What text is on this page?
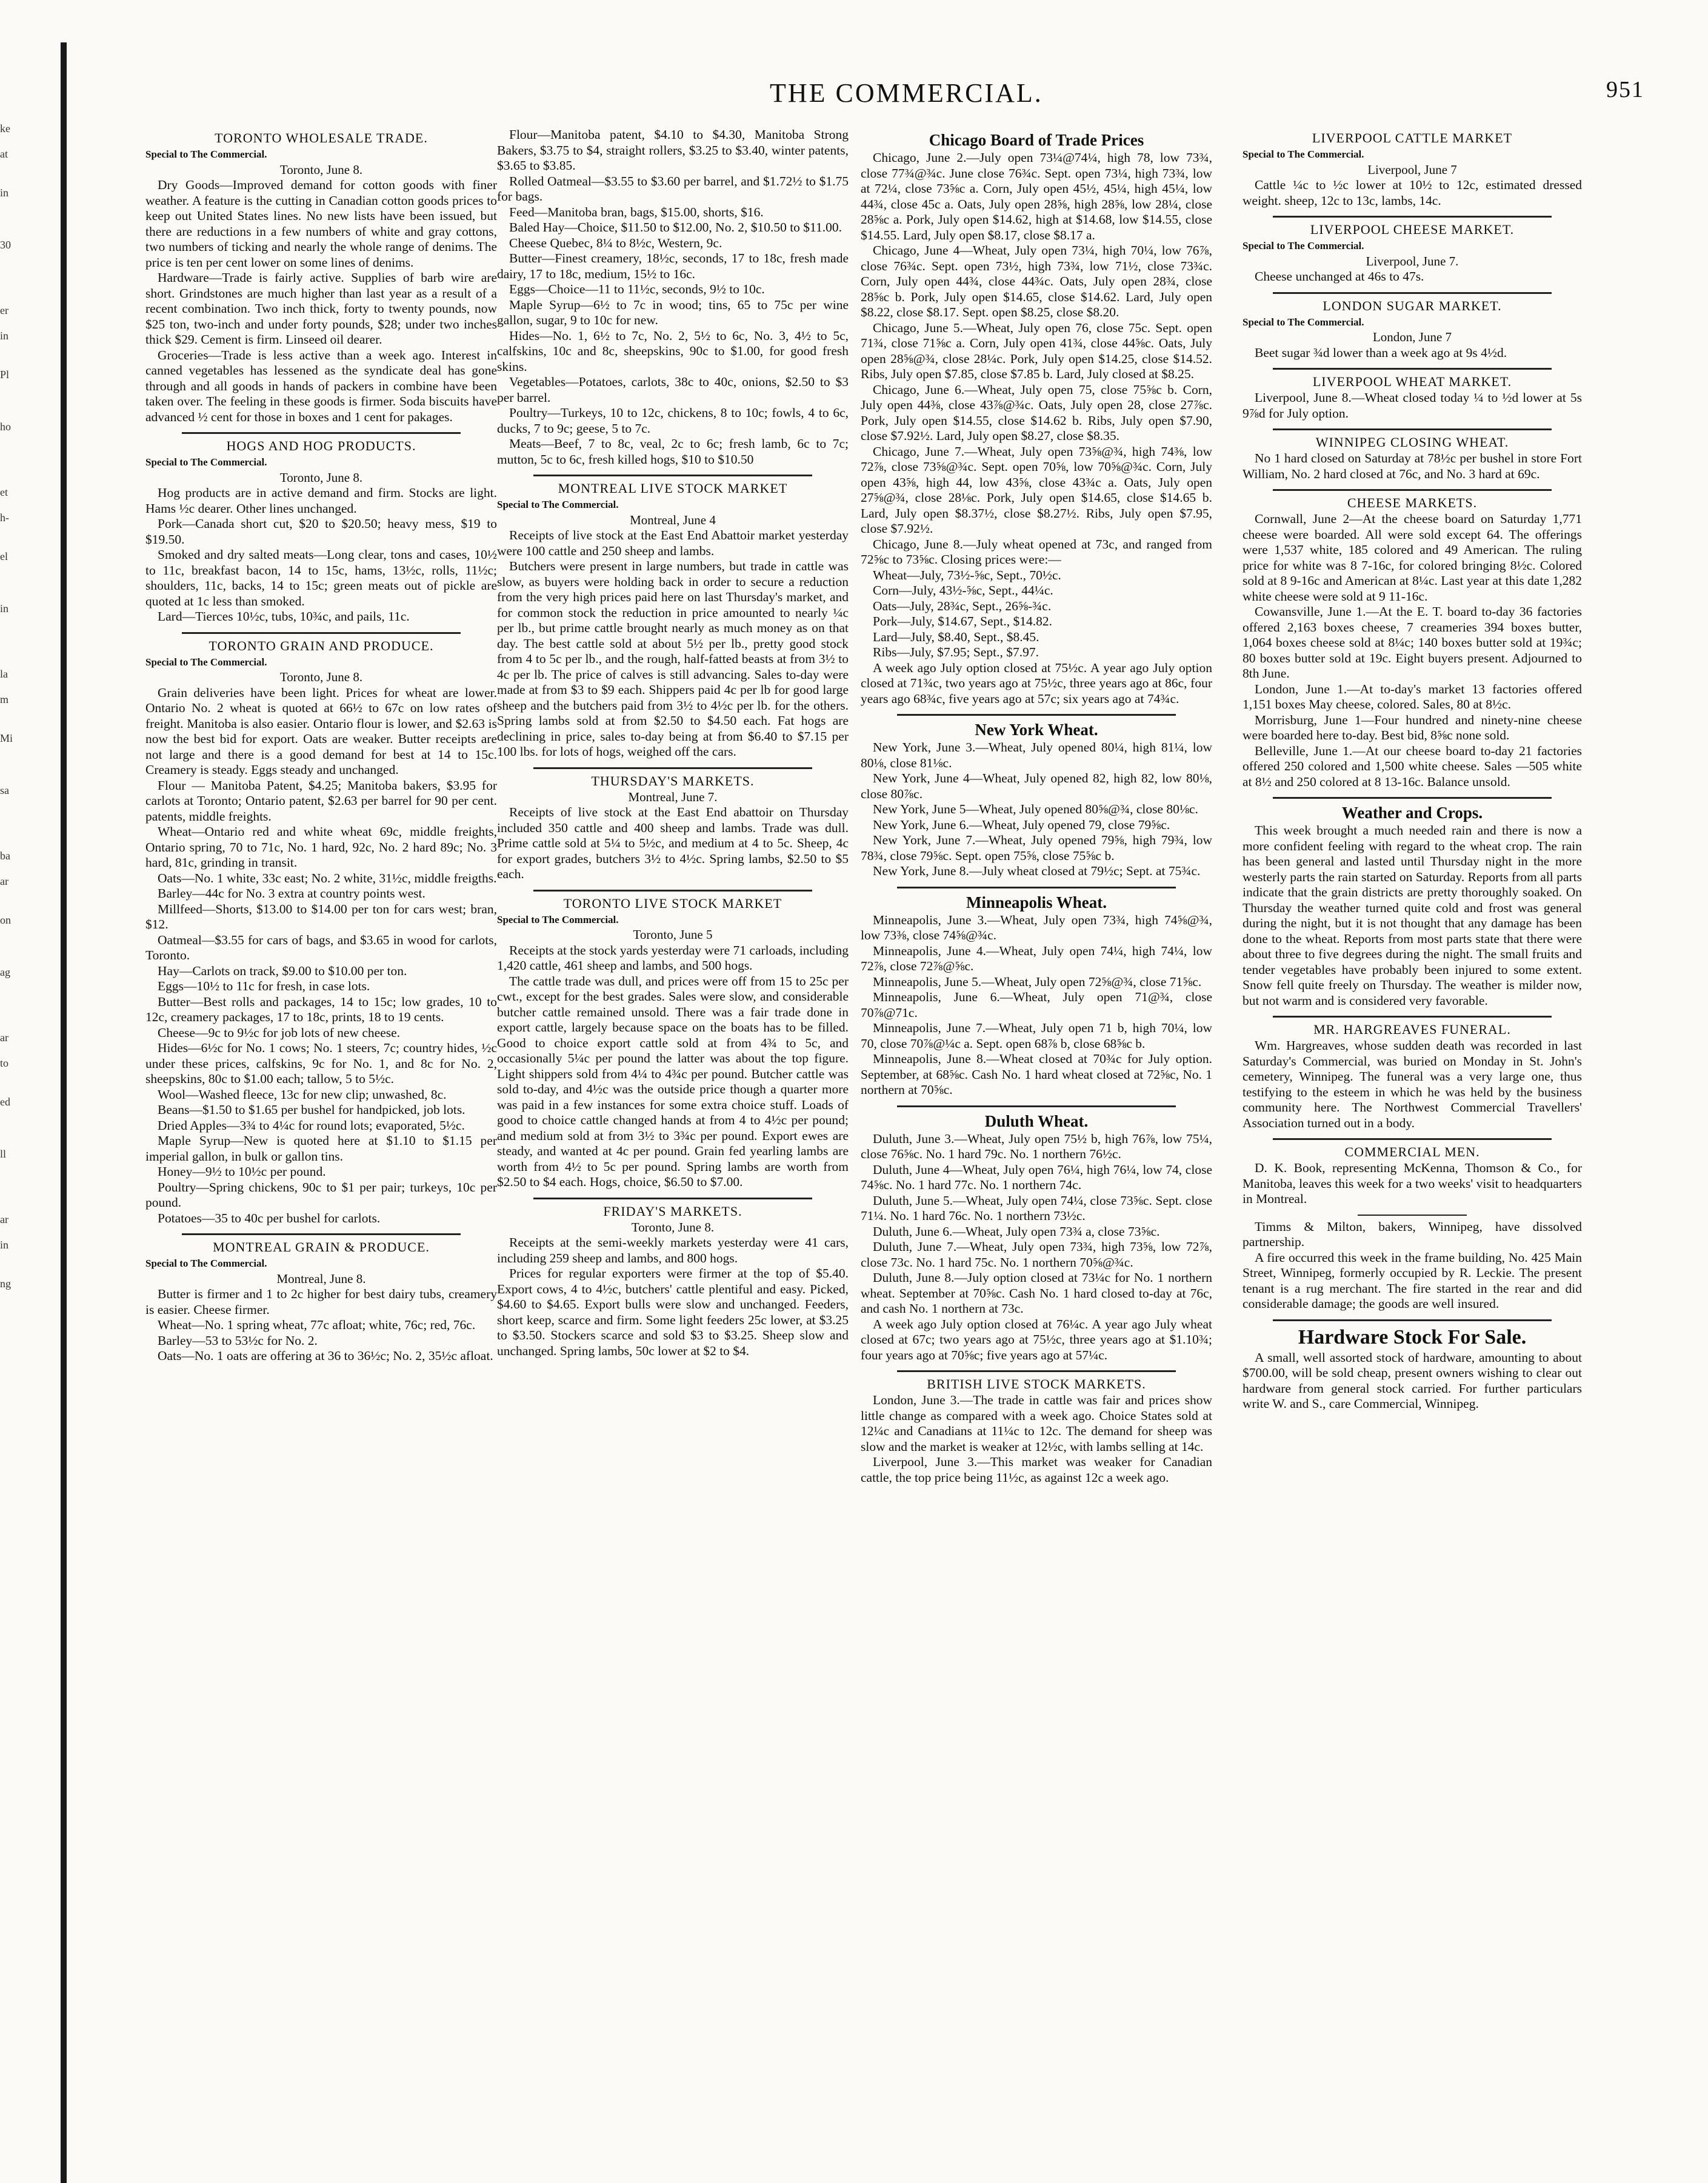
THE COMMERCIAL.	951
ke
at
in
30
er
in
Pl
ho
et
h-
el
in
la
m
Mi
sa
ba
ar
on
ag
ar
to
ed
ll
ar
in
ng
TORONTO WHOLESALE TRADE.
Special to The Commercial.
Toronto, June 8.

Dry Goods—Improved demand for cotton goods with finer weather. A feature is the cutting in Canadian cotton goods prices to keep out United States lines. No new lists have been issued, but there are reductions in a few numbers of white and gray cottons, two numbers of ticking and nearly the whole range of denims. The price is ten per cent lower on some lines of denims.

Hardware—Trade is fairly active. Supplies of barb wire are short. Grindstones are much higher than last year as a result of a recent combination. Two inch thick, forty to twenty pounds, now $25 ton, two-inch and under forty pounds, $28; under two inches thick $29. Cement is firm. Linseed oil dearer.

Groceries—Trade is less active than a week ago. Interest in canned vegetables has lessened as the syndicate deal has gone through and all goods in hands of packers in combine have been taken over. The feeling in these goods is firmer. Soda biscuits have advanced ½ cent for those in boxes and 1 cent for pakages.

HOGS AND HOG PRODUCTS.
Special to The Commercial.
Toronto, June 8.

Hog products are in active demand and firm. Stocks are light. Hams ½c dearer. Other lines unchanged.

Pork—Canada short cut, $20 to $20.50; heavy mess, $19 to $19.50.

Smoked and dry salted meats—Long clear, tons and cases, 10½ to 11c, breakfast bacon, 14 to 15c, hams, 13½c, rolls, 11½c; shoulders, 11c, backs, 14 to 15c; green meats out of pickle are quoted at 1c less than smoked.

Lard—Tierces 10½c, tubs, 10¾c, and pails, 11c.

TORONTO GRAIN AND PRODUCE.
Special to The Commercial.
Toronto, June 8.

Grain deliveries have been light. Prices for wheat are lower. Ontario No. 2 wheat is quoted at 66½ to 67c on low rates of freight. Manitoba is also easier. Ontario flour is lower, and $2.63 is now the best bid for export. Oats are weaker. Butter receipts are not large and there is a good demand for best at 14 to 15c. Creamery is steady. Eggs steady and unchanged.

Flour — Manitoba Patent, $4.25; Manitoba bakers, $3.95 for carlots at Toronto; Ontario patent, $2.63 per barrel for 90 per cent. patents, middle freights.

Wheat—Ontario red and white wheat 69c, middle freights, Ontario spring, 70 to 71c, No. 1 hard, 92c, No. 2 hard 89c; No. 3 hard, 81c, grinding in transit.

Oats—No. 1 white, 33c east; No. 2 white, 31½c, middle freigths.

Barley—44c for No. 3 extra at country points west.

Millfeed—Shorts, $13.00 to $14.00 per ton for cars west; bran, $12.

Oatmeal—$3.55 for cars of bags, and $3.65 in wood for carlots, Toronto.

Hay—Carlots on track, $9.00 to $10.00 per ton.

Eggs—10½ to 11c for fresh, in case lots.

Butter—Best rolls and packages, 14 to 15c; low grades, 10 to 12c, creamery packages, 17 to 18c, prints, 18 to 19 cents.

Cheese—9c to 9½c for job lots of new cheese.

Hides—6½c for No. 1 cows; No. 1 steers, 7c; country hides, ½c under these prices, calfskins, 9c for No. 1, and 8c for No. 2, sheepskins, 80c to $1.00 each; tallow, 5 to 5½c.

Wool—Washed fleece, 13c for new clip; unwashed, 8c.

Beans—$1.50 to $1.65 per bushel for handpicked, job lots.

Dried Apples—3¾ to 4¼c for round lots; evaporated, 5½c.

Maple Syrup—New is quoted here at $1.10 to $1.15 per imperial gallon, in bulk or gallon tins.

Honey—9½ to 10½c per pound.

Poultry—Spring chickens, 90c to $1 per pair; turkeys, 10c per pound.

Potatoes—35 to 40c per bushel for carlots.

MONTREAL GRAIN & PRODUCE.
Special to The Commercial.
Montreal, June 8.

Butter is firmer and 1 to 2c higher for best dairy tubs, creamery is easier. Cheese firmer.

Wheat—No. 1 spring wheat, 77c afloat; white, 76c; red, 76c.

Barley—53 to 53½c for No. 2.

Oats—No. 1 oats are offering at 36 to 36½c; No. 2, 35½c afloat.

Flour—Manitoba patent, $4.10 to $4.30, Manitoba Strong Bakers, $3.75 to $4, straight rollers, $3.25 to $3.40, winter patents, $3.65 to $3.85.

Rolled Oatmeal—$3.55 to $3.60 per barrel, and $1.72½ to $1.75 for bags.

Feed—Manitoba bran, bags, $15.00, shorts, $16.

Baled Hay—Choice, $11.50 to $12.00, No. 2, $10.50 to $11.00.

Cheese Quebec, 8¼ to 8½c, Western, 9c.

Butter—Finest creamery, 18½c, seconds, 17 to 18c, fresh made dairy, 17 to 18c, medium, 15½ to 16c.

Eggs—Choice—11 to 11½c, seconds, 9½ to 10c.

Maple Syrup—6½ to 7c in wood; tins, 65 to 75c per wine gallon, sugar, 9 to 10c for new.

Hides—No. 1, 6½ to 7c, No. 2, 5½ to 6c, No. 3, 4½ to 5c, calfskins, 10c and 8c, sheepskins, 90c to $1.00, for good fresh skins.

Vegetables—Potatoes, carlots, 38c to 40c, onions, $2.50 to $3 per barrel.

Poultry—Turkeys, 10 to 12c, chickens, 8 to 10c; fowls, 4 to 6c, ducks, 7 to 9c; geese, 5 to 7c.

Meats—Beef, 7 to 8c, veal, 2c to 6c; fresh lamb, 6c to 7c; mutton, 5c to 6c, fresh killed hogs, $10 to $10.50

MONTREAL LIVE STOCK MARKET
Special to The Commercial.
Montreal, June 4

Receipts of live stock at the East End Abattoir market yesterday were 100 cattle and 250 sheep and lambs.

Butchers were present in large numbers, but trade in cattle was slow, as buyers were holding back in order to secure a reduction from the very high prices paid here on last Thursday's market, and for common stock the reduction in price amounted to nearly ¼c per lb., but prime cattle brought nearly as much money as on that day. The best cattle sold at about 5½ per lb., pretty good stock from 4 to 5c per lb., and the rough, half-fatted beasts at from 3½ to 4c per lb. The price of calves is still advancing. Sales to-day were made at from $3 to $9 each. Shippers paid 4c per lb for good large sheep and the butchers paid from 3½ to 4½c per lb. for the others. Spring lambs sold at from $2.50 to $4.50 each. Fat hogs are declining in price, sales to-day being at from $6.40 to $7.15 per 100 lbs. for lots of hogs, weighed off the cars.

THURSDAY'S MARKETS.
Montreal, June 7.

Receipts of live stock at the East End abattoir on Thursday included 350 cattle and 400 sheep and lambs. Trade was dull. Prime cattle sold at 5¼ to 5½c, and medium at 4 to 5c. Sheep, 4c for export grades, butchers 3½ to 4½c. Spring lambs, $2.50 to $5 each.

TORONTO LIVE STOCK MARKET
Special to The Commercial.
Toronto, June 5

Receipts at the stock yards yesterday were 71 carloads, including 1,420 cattle, 461 sheep and lambs, and 500 hogs.

The cattle trade was dull, and prices were off from 15 to 25c per cwt., except for the best grades. Sales were slow, and considerable butcher cattle remained unsold. There was a fair trade done in export cattle, largely because space on the boats has to be filled. Good to choice export cattle sold at from 4¾ to 5c, and occasionally 5¼c per pound the latter was about the top figure. Light shippers sold from 4¼ to 4¾c per pound. Butcher cattle was sold to-day, and 4½c was the outside price though a quarter more was paid in a few instances for some extra choice stuff. Loads of good to choice cattle changed hands at from 4 to 4½c per pound; and medium sold at from 3½ to 3¾c per pound. Export ewes are steady, and wanted at 4c per pound. Grain fed yearling lambs are worth from 4½ to 5c per pound. Spring lambs are worth from $2.50 to $4 each. Hogs, choice, $6.50 to $7.00.

FRIDAY'S MARKETS.
Toronto, June 8.

Receipts at the semi-weekly markets yesterday were 41 cars, including 259 sheep and lambs, and 800 hogs.

Prices for regular exporters were firmer at the top of $5.40. Export cows, 4 to 4½c, butchers' cattle plentiful and easy. Picked, $4.60 to $4.65. Export bulls were slow and unchanged. Feeders, short keep, scarce and firm. Some light feeders 25c lower, at $3.25 to $3.50. Stockers scarce and sold $3 to $3.25. Sheep slow and unchanged. Spring lambs, 50c lower at $2 to $4.

Chicago Board of Trade Prices

Chicago, June 2.—July open 73¼@74¼, high 78, low 73¾, close 77¾@¾c. June close 76¾c. Sept. open 73¼, high 73¾, low at 72¼, close 73⅝c a. Corn, July open 45½, 45¼, high 45¼, low 44¾, close 45c a. Oats, July open 28⅝, high 28⅝, low 28¼, close 28⅝c a. Pork, July open $14.62, high at $14.68, low $14.55, close $14.55. Lard, July open $8.17, close $8.17 a.

Chicago, June 4—Wheat, July open 73¼, high 70¼, low 76⅞, close 76¾c. Sept. open 73½, high 73¾, low 71½, close 73¾c. Corn, July open 44¾, close 44¾c. Oats, July open 28¾, close 28⅝c b. Pork, July open $14.65, close $14.62. Lard, July open $8.22, close $8.17. Sept. open $8.25, close $8.20.

Chicago, June 5.—Wheat, July open 76, close 75c. Sept. open 71¾, close 71⅝c a. Corn, July open 41¾, close 44⅝c. Oats, July open 28⅝@¾, close 28¼c. Pork, July open $14.25, close $14.52. Ribs, July open $7.85, close $7.85 b. Lard, July closed at $8.25.

Chicago, June 6.—Wheat, July open 75, close 75⅝c b. Corn, July open 44⅜, close 43⅞@¾c. Oats, July open 28, close 27⅞c. Pork, July open $14.55, close $14.62 b. Ribs, July open $7.90, close $7.92½. Lard, July open $8.27, close $8.35.

Chicago, June 7.—Wheat, July open 73⅝@¾, high 74⅜, low 72⅞, close 73⅝@¾c. Sept. open 70⅝, low 70⅝@¾c. Corn, July open 43⅝, high 44, low 43⅝, close 43¾c a. Oats, July open 27⅝@¾, close 28⅛c. Pork, July open $14.65, close $14.65 b. Lard, July open $8.37½, close $8.27½. Ribs, July open $7.95, close $7.92½.

Chicago, June 8.—July wheat opened at 73c, and ranged from 72⅝c to 73⅝c. Closing prices were:—

Wheat—July, 73½-⅝c, Sept., 70½c.

Corn—July, 43½-⅝c, Sept., 44¼c.

Oats—July, 28¾c, Sept., 26⅝-¾c.

Pork—July, $14.67, Sept., $14.82.

Lard—July, $8.40, Sept., $8.45.

Ribs—July, $7.95; Sept., $7.97.

A week ago July option closed at 75½c. A year ago July option closed at 71¾c, two years ago at 75½c, three years ago at 86c, four years ago 68¾c, five years ago at 57c; six years ago at 74¾c.

New York Wheat.

New York, June 3.—Wheat, July opened 80¼, high 81¼, low 80⅛, close 81⅛c.

New York, June 4—Wheat, July opened 82, high 82, low 80⅛, close 80⅞c.

New York, June 5—Wheat, July opened 80⅝@¾, close 80⅛c.

New York, June 6.—Wheat, July opened 79, close 79⅝c.

New York, June 7.—Wheat, July opened 79⅝, high 79¾, low 78¾, close 79⅝c. Sept. open 75⅝, close 75⅝c b.

New York, June 8.—July wheat closed at 79½c; Sept. at 75¾c.

Minneapolis Wheat.

Minneapolis, June 3.—Wheat, July open 73¾, high 74⅝@¾, low 73⅜, close 74⅝@¾c.

Minneapolis, June 4.—Wheat, July open 74¼, high 74¼, low 72⅞, close 72⅞@⅝c.

Minneapolis, June 5.—Wheat, July open 72⅝@¾, close 71⅝c.

Minneapolis, June 6.—Wheat, July open 71@¾, close 70⅞@71c.

Minneapolis, June 7.—Wheat, July open 71 b, high 70¼, low 70, close 70⅞@¼c a. Sept. open 68⅞ b, close 68⅝c b.

Minneapolis, June 8.—Wheat closed at 70¾c for July option. September, at 68⅝c. Cash No. 1 hard wheat closed at 72⅝c, No. 1 northern at 70⅝c.

Duluth Wheat.

Duluth, June 3.—Wheat, July open 75½ b, high 76⅞, low 75¼, close 76⅝c. No. 1 hard 79c. No. 1 northern 76½c.

Duluth, June 4—Wheat, July open 76¼, high 76¼, low 74, close 74⅝c. No. 1 hard 77c. No. 1 northern 74c.

Duluth, June 5.—Wheat, July open 74¼, close 73⅝c. Sept. close 71¼. No. 1 hard 76c. No. 1 northern 73½c.

Duluth, June 6.—Wheat, July open 73¾ a, close 73⅝c.

Duluth, June 7.—Wheat, July open 73¾, high 73⅝, low 72⅞, close 73c. No. 1 hard 75c. No. 1 northern 70⅝@¾c.

Duluth, June 8.—July option closed at 73¼c for No. 1 northern wheat. September at 70⅝c. Cash No. 1 hard closed to-day at 76c, and cash No. 1 northern at 73c.

A week ago July option closed at 76¼c. A year ago July wheat closed at 67c; two years ago at 75½c, three years ago at $1.10¾; four years ago at 70⅝c; five years ago at 57¼c.

BRITISH LIVE STOCK MARKETS.

London, June 3.—The trade in cattle was fair and prices show little change as compared with a week ago. Choice States sold at 12¼c and Canadians at 11¼c to 12c. The demand for sheep was slow and the market is weaker at 12½c, with lambs selling at 14c.

Liverpool, June 3.—This market was weaker for Canadian cattle, the top price being 11½c, as against 12c a week ago.

LIVERPOOL CATTLE MARKET
Special to The Commercial.
Liverpool, June 7

Cattle ¼c to ½c lower at 10½ to 12c, estimated dressed weight. sheep, 12c to 13c, lambs, 14c.

LIVERPOOL CHEESE MARKET.
Special to The Commercial.
Liverpool, June 7.

Cheese unchanged at 46s to 47s.

LONDON SUGAR MARKET.
Special to The Commercial.
London, June 7

Beet sugar ¾d lower than a week ago at 9s 4½d.

LIVERPOOL WHEAT MARKET.

Liverpool, June 8.—Wheat closed today ¼ to ½d lower at 5s 9⅞d for July option.

WINNIPEG CLOSING WHEAT.

No 1 hard closed on Saturday at 78½c per bushel in store Fort William, No. 2 hard closed at 76c, and No. 3 hard at 69c.

CHEESE MARKETS.

Cornwall, June 2—At the cheese board on Saturday 1,771 cheese were boarded. All were sold except 64. The offerings were 1,537 white, 185 colored and 49 American. The ruling price for white was 8 7-16c, for colored bringing 8½c. Colored sold at 8 9-16c and American at 8¼c. Last year at this date 1,282 white cheese were sold at 9 11-16c.

Cowansville, June 1.—At the E. T. board to-day 36 factories offered 2,163 boxes cheese, 7 creameries 394 boxes butter, 1,064 boxes cheese sold at 8¼c; 140 boxes butter sold at 19¾c; 80 boxes butter sold at 19c. Eight buyers present. Adjourned to 8th June.

London, June 1.—At to-day's market 13 factories offered 1,151 boxes May cheese, colored. Sales, 80 at 8½c.

Morrisburg, June 1—Four hundred and ninety-nine cheese were boarded here to-day. Best bid, 8⅝c none sold.

Belleville, June 1.—At our cheese board to-day 21 factories offered 250 colored and 1,500 white cheese. Sales —505 white at 8½ and 250 colored at 8 13-16c. Balance unsold.

Weather and Crops.

This week brought a much needed rain and there is now a more confident feeling with regard to the wheat crop. The rain has been general and lasted until Thursday night in the more westerly parts the rain started on Saturday. Reports from all parts indicate that the grain districts are pretty thoroughly soaked. On Thursday the weather turned quite cold and frost was general during the night, but it is not thought that any damage has been done to the wheat. Reports from most parts state that there were about three to five degrees during the night. The small fruits and tender vegetables have probably been injured to some extent. Snow fell quite freely on Thursday. The weather is milder now, but not warm and is considered very favorable.

MR. HARGREAVES FUNERAL.

Wm. Hargreaves, whose sudden death was recorded in last Saturday's Commercial, was buried on Monday in St. John's cemetery, Winnipeg. The funeral was a very large one, thus testifying to the esteem in which he was held by the business community here. The Northwest Commercial Travellers' Association turned out in a body.

COMMERCIAL MEN.

D. K. Book, representing McKenna, Thomson & Co., for Manitoba, leaves this week for a two weeks' visit to headquarters in Montreal.

Timms & Milton, bakers, Winnipeg, have dissolved partnership.

A fire occurred this week in the frame building, No. 425 Main Street, Winnipeg, formerly occupied by R. Leckie. The present tenant is a rug merchant. The fire started in the rear and did considerable damage; the goods are well insured.

Hardware Stock For Sale.

A small, well assorted stock of hardware, amounting to about $700.00, will be sold cheap, present owners wishing to clear out hardware from general stock carried. For further particulars write W. and S., care Commercial, Winnipeg.
